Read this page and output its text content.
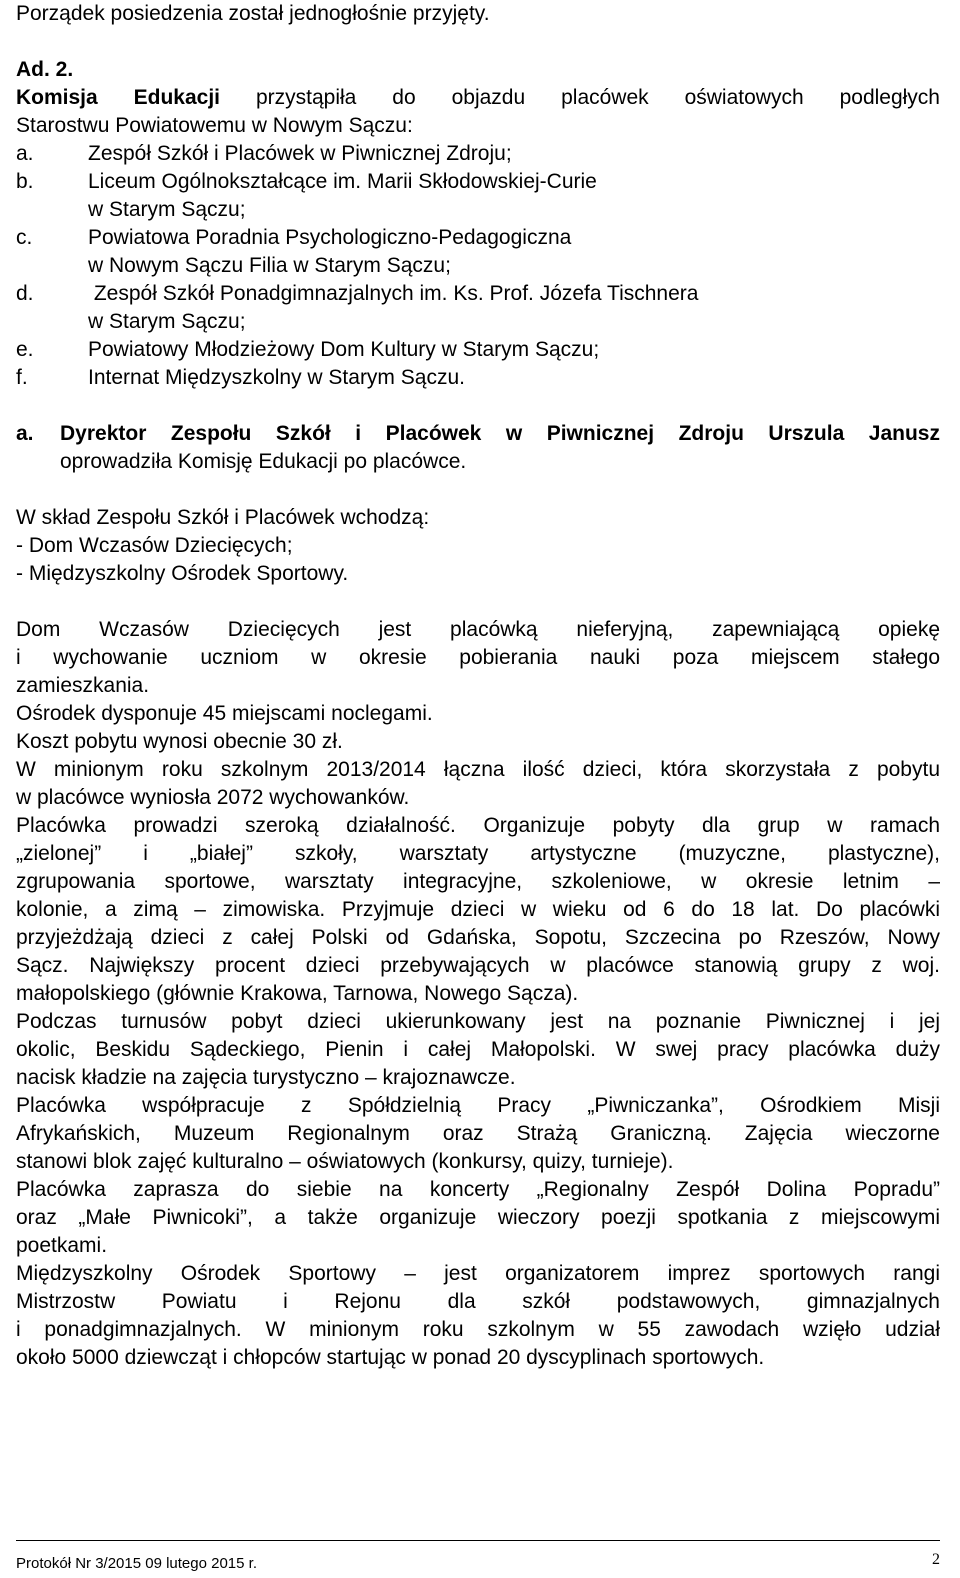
Porządek posiedzenia został jednogłośnie przyjęty.
Ad. 2.
Komisja Edukacji przystąpiła do objazdu placówek oświatowych podległych
Starostwu Powiatowemu w Nowym Sączu:
a.	Zespół Szkół i Placówek w Piwnicznej Zdroju;
b.	Liceum Ogólnokształcące im. Marii Skłodowskiej-Curie
w Starym Sączu;
c.	Powiatowa Poradnia Psychologiczno-Pedagogiczna
w Nowym Sączu Filia w Starym Sączu;
d.	Zespół Szkół Ponadgimnazjalnych im. Ks. Prof. Józefa Tischnera
w Starym Sączu;
e.	Powiatowy Młodzieżowy Dom Kultury w Starym Sączu;
f.	Internat Międzyszkolny w Starym Sączu.
a. Dyrektor Zespołu Szkół i Placówek w Piwnicznej Zdroju Urszula Janusz
oprowadziła Komisję Edukacji po placówce.
W skład Zespołu Szkół i Placówek wchodzą:
- Dom Wczasów Dziecięcych;
- Międzyszkolny Ośrodek Sportowy.
Dom Wczasów Dziecięcych jest placówką nieferyjną, zapewniającą opiekę
i wychowanie uczniom w okresie pobierania nauki poza miejscem stałego
zamieszkania.
Ośrodek dysponuje 45 miejscami noclegami.
Koszt pobytu wynosi obecnie 30 zł.
W minionym roku szkolnym 2013/2014 łączna ilość dzieci, która skorzystała z pobytu
w placówce wyniosła 2072 wychowanków.
Placówka prowadzi szeroką działalność. Organizuje pobyty dla grup w ramach
„zielonej” i „białej” szkoły, warsztaty artystyczne (muzyczne, plastyczne),
zgrupowania sportowe, warsztaty integracyjne, szkoleniowe, w okresie letnim –
kolonie, a zimą – zimowiska. Przyjmuje dzieci w wieku od 6 do 18 lat. Do placówki
przyjeżdżają dzieci z całej Polski od Gdańska, Sopotu, Szczecina po Rzeszów, Nowy
Sącz. Największy procent dzieci przebywających w placówce stanowią grupy z woj.
małopolskiego (głównie Krakowa, Tarnowa, Nowego Sącza).
Podczas turnusów pobyt dzieci ukierunkowany jest na poznanie Piwnicznej i jej
okolic, Beskidu Sądeckiego, Pienin i całej Małopolski. W swej pracy placówka duży
nacisk kładzie na zajęcia turystyczno – krajoznawcze.
Placówka współpracuje z Spółdzielnią Pracy „Piwniczanka”, Ośrodkiem Misji
Afrykańskich, Muzeum Regionalnym oraz Strażą Graniczną. Zajęcia wieczorne
stanowi blok zajęć kulturalno – oświatowych (konkursy, quizy, turnieje).
Placówka zaprasza do siebie na koncerty „Regionalny Zespół Dolina Popradu”
oraz „Małe Piwnicoki”, a także organizuje wieczory poezji spotkania z miejscowymi
poetkami.
Międzyszkolny Ośrodek Sportowy – jest organizatorem imprez sportowych rangi
Mistrzostw Powiatu i Rejonu dla szkół podstawowych, gimnazjalnych
i ponadgimnazjalnych. W minionym roku szkolnym w 55 zawodach wzięło udział
około 5000 dziewcząt i chłopców startując w ponad 20 dyscyplinach sportowych.
Protokół Nr 3/2015 09 lutego 2015 r.	2
